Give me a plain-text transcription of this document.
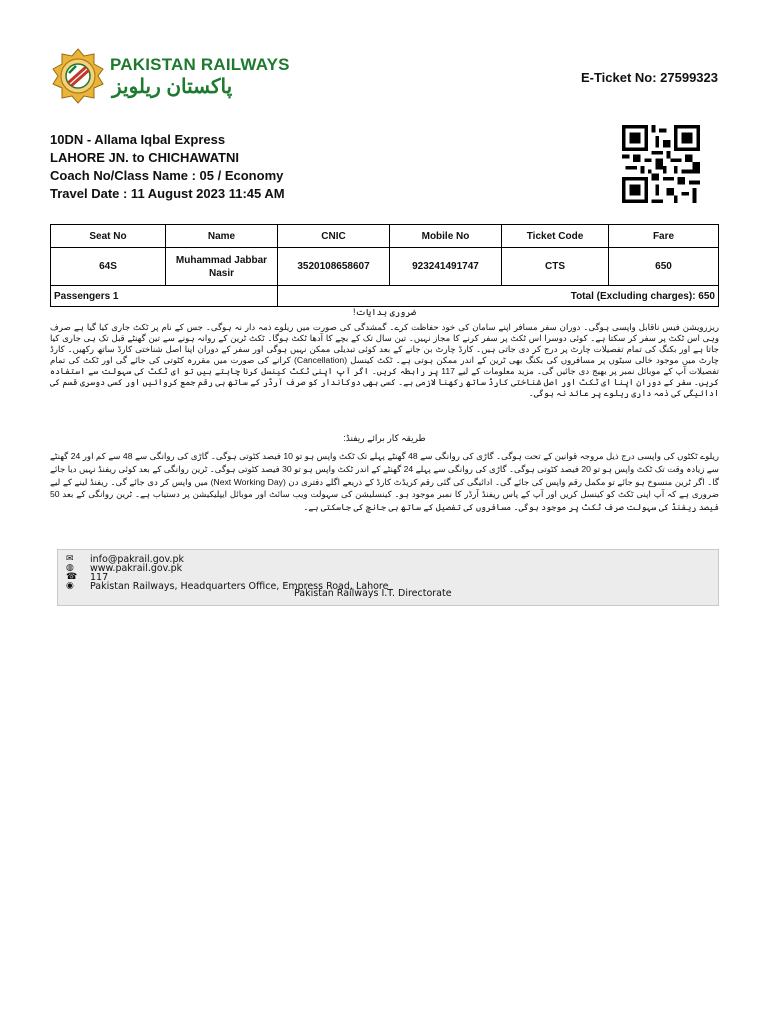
PAKISTAN RAILWAYS
پاکستان ریلویز	E-Ticket No: 27599323
10DN - Allama Iqbal Express
LAHORE JN. to CHICHAWATNI
Coach No/Class Name : 05 / Economy
Travel Date : 11 August 2023 11:45 AM
Seat No	Name	CNIC	Mobile No	Ticket Code	Fare
64S	Muhammad Jabbar Nasir	3520108658607	923241491747	CTS	650
Passengers 1		Total (Excluding charges): 650			
ضروری ہدایات!
ریزرویشن فیس ناقابل واپسی ہوگی۔ دوران سفر مسافر اپنے سامان کی خود حفاظت کرے۔ گمشدگی کی صورت میں ریلوے ذمہ دار نہ ہوگی۔ جس کے نام پر ٹکٹ جاری کیا گیا ہے صرف وہی اس ٹکٹ پر سفر کر سکتا ہے۔ کوئی دوسرا اس ٹکٹ پر سفر کرنے کا مجاز نہیں۔ تین سال تک کے بچے کا آدھا ٹکٹ ہوگا۔ ٹکٹ ٹرین کے روانہ ہونے سے تین گھنٹے قبل تک ہی جاری کیا جاتا ہے اور بکنگ کی تمام تفصیلات چارٹ پر درج کر دی جاتی ہیں۔ کارڈ چارٹ بن جانے کے بعد کوئی تبدیلی ممکن نہیں ہوگی اور سفر کے دوران اپنا اصل شناختی کارڈ ساتھ رکھیں۔ کارڈ چارٹ میں موجود خالی سیٹوں پر مسافروں کی بکنگ بھی ٹرین کے اندر ممکن ہوتی ہے۔ ٹکٹ کینسل (Cancellation) کرانے کی صورت میں مقررہ کٹوتی کی جائے گی اور ٹکٹ کی تمام تفصیلات آپ کے موبائل نمبر پر بھیج دی جائیں گی۔ مزید معلومات کے لیے 117 پر رابطہ کریں۔ اگر آپ اپنی ٹکٹ کینسل کرنا چاہتے ہیں تو ای ٹکٹ کی سہولت سے استفادہ کریں۔ سفر کے دوران اپنا ای ٹکٹ اور اصل شناختی کارڈ ساتھ رکھنا لازمی ہے۔ کسی بھی دوکاندار کو صرف آرڈر کے ساتھ ہی رقم جمع کروائیں اور کسی دوسری قسم کی ادائیگی کی ذمہ داری ریلوے پر عائد نہ ہوگی۔
طریقہ کار برائے ریفنڈ:
ریلوے ٹکٹوں کی واپسی درج ذیل مروجہ قوانین کے تحت ہوگی۔ گاڑی کی روانگی سے 48 گھنٹے پہلے تک ٹکٹ واپس ہو تو 10 فیصد کٹوتی ہوگی۔ گاڑی کی روانگی سے 48 سے کم اور 24 گھنٹے سے زیادہ وقت تک ٹکٹ واپس ہو تو 20 فیصد کٹوتی ہوگی۔ گاڑی کی روانگی سے پہلے 24 گھنٹے کے اندر ٹکٹ واپس ہو تو 30 فیصد کٹوتی ہوگی۔ ٹرین روانگی کے بعد کوئی ریفنڈ نہیں دیا جائے گا۔ اگر ٹرین منسوخ ہو جائے تو مکمل رقم واپس کی جائے گی۔ ادائیگی کی گئی رقم کریڈٹ کارڈ کے ذریعے اگلے دفتری دن (Next Working Day) میں واپس کر دی جائے گی۔ ریفنڈ لینے کے لیے ضروری ہے کہ آپ اپنی ٹکٹ کو کینسل کریں اور آپ کے پاس ریفنڈ آرڈر کا نمبر موجود ہو۔ کینسلیشن کی سہولت ویب سائٹ اور موبائل ایپلیکیشن پر دستیاب ہے۔ ٹرین روانگی کے بعد 50 فیصد ریفنڈ کی سہولت صرف ٹکٹ پر موجود ہوگی۔ مسافروں کی تفصیل کے ساتھ ہی جانچ کی جاسکتی ہے۔
✉	info@pakrail.gov.pk
◍	www.pakrail.gov.pk
☎ 117
◉	Pakistan Railways, Headquarters Office, Empress Road, Lahore
Pakistan Railways I.T. Directorate
